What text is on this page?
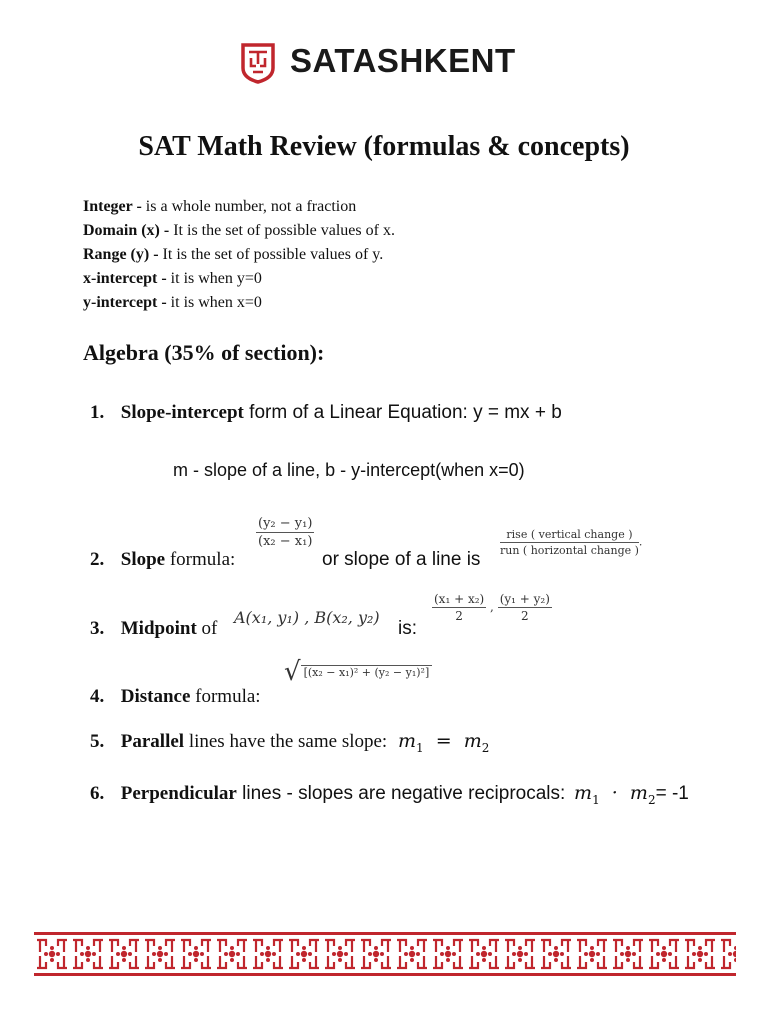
SATASHKENT
SAT Math Review (formulas & concepts)
Integer - is a whole number, not a fraction
Domain (x) - It is the set of possible values of x.
Range (y) - It is the set of possible values of y.
x-intercept - it is when y=0
y-intercept - it is when x=0
Algebra (35% of section):
1. Slope-intercept form of a Linear Equation: y = mx + b
m - slope of a line, b - y-intercept(when x=0)
2. Slope formula:
$\frac{\text{(y₂ − y₁)}}{\text{(x₂ − x₁)}}$
or slope of a line is
$\frac{\text{rise ( vertical change )}}{\text{run ( horizontal change )}}$ .
3. Midpoint of
A(x₁, y₁) , B(x₂, y₂)
is:
$\frac{\text{(x₁ + x₂)}}{2}$ , $\frac{\text{(y₁ + y₂)}}{2}$
4. Distance formula:
√ [(x₂ − x₁)² + (y₂ − y₁)²]
5. Parallel lines have the same slope: $m_1 = m_2$
6. Perpendicular lines - slopes are negative reciprocals: $m_1 \cdot m_2= -1$
